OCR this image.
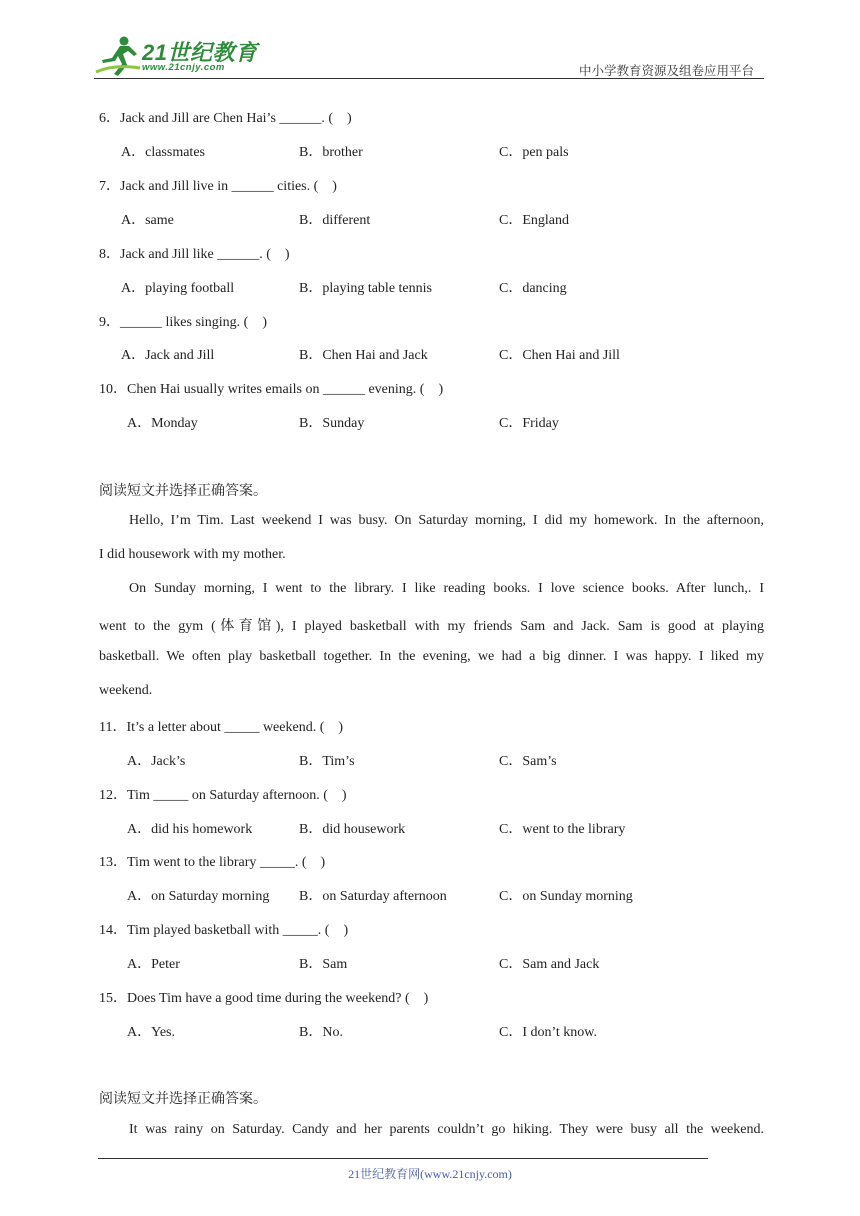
21世纪教育
www.21cnjy.com	中小学教育资源及组卷应用平台
6．Jack and Jill are Chen Hai’s ______. (    )
A．classmates	B．brother	C．pen pals
7．Jack and Jill live in ______ cities. (    )
A．same	B．different	C．England
8．Jack and Jill like ______. (    )
A．playing football	B．playing table tennis	C．dancing
9．______ likes singing. (    )
A．Jack and Jill	B．Chen Hai and Jack	C．Chen Hai and Jill
10．Chen Hai usually writes emails on ______ evening. (    )
A．Monday	B．Sunday	C．Friday
阅读短文并选择正确答案。
Hello, I’m Tim. Last weekend I was busy. On Saturday morning, I did my homework. In the afternoon,
I did housework with my mother.
On Sunday morning, I went to the library. I like reading books. I love science books. After lunch,. I
went to the gym (体育馆), I played basketball with my friends Sam and Jack. Sam is good at playing
basketball. We often play basketball together. In the evening, we had a big dinner. I was happy. I liked my
weekend.
11．It’s a letter about _____ weekend. (    )
A．Jack’s	B．Tim’s	C．Sam’s
12．Tim _____ on Saturday afternoon. (    )
A．did his homework	B．did housework	C．went to the library
13．Tim went to the library _____. (    )
A．on Saturday morning B．on Saturday afternoon	C．on Sunday morning
14．Tim played basketball with _____. (    )
A．Peter	B．Sam	C．Sam and Jack
15．Does Tim have a good time during the weekend? (    )
A．Yes.	B．No.	C．I don’t know.
阅读短文并选择正确答案。
It was rainy on Saturday. Candy and her parents couldn’t go hiking. They were busy all the weekend.
21世纪教育网(www.21cnjy.com)
